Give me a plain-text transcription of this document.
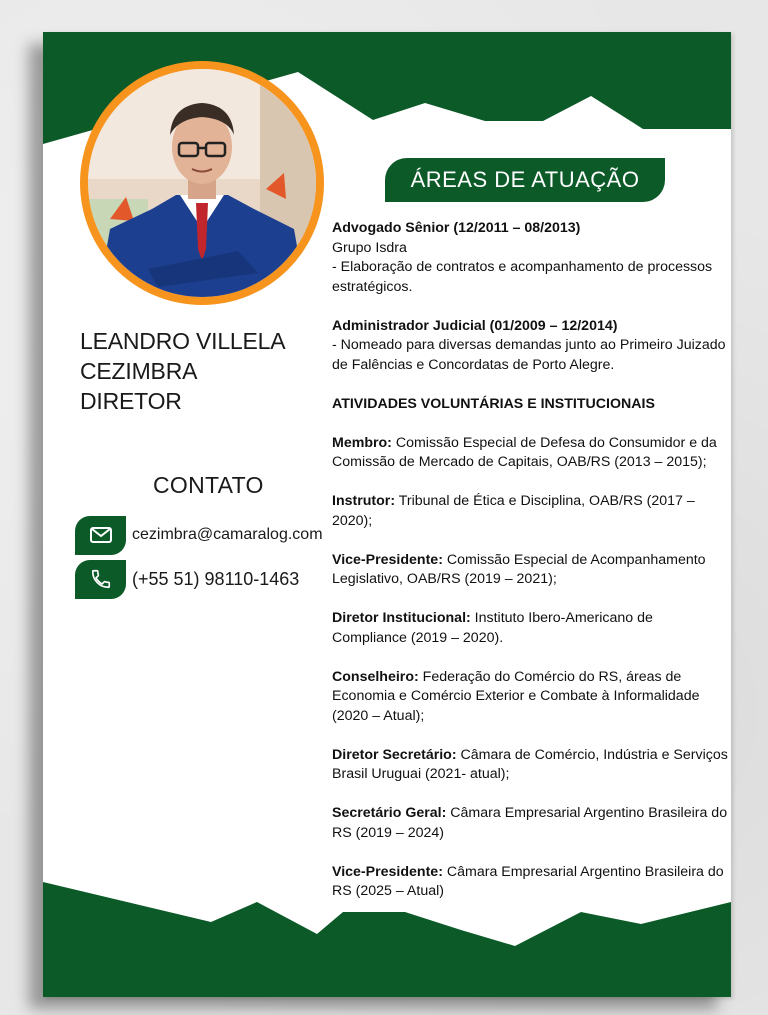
LEANDRO VILLELA
CEZIMBRA
DIRETOR
CONTATO
cezimbra@camaralog.com
(+55 51) 98110-1463
ÁREAS DE ATUAÇÃO
Advogado Sênior (12/2011 – 08/2013)

Grupo Isdra

- Elaboração de contratos e acompanhamento de processos estratégicos.

Administrador Judicial (01/2009 – 12/2014)

- Nomeado para diversas demandas junto ao Primeiro Juizado de Falências e Concordatas de Porto Alegre.

ATIVIDADES VOLUNTÁRIAS E INSTITUCIONAIS
Membro: Comissão Especial de Defesa do Consumidor e da Comissão de Mercado de Capitais, OAB/RS (2013 – 2015);
Instrutor: Tribunal de Ética e Disciplina, OAB/RS (2017 – 2020);
Vice-Presidente: Comissão Especial de Acompanhamento Legislativo, OAB/RS (2019 – 2021);
Diretor Institucional: Instituto Ibero-Americano de Compliance (2019 – 2020).
Conselheiro: Federação do Comércio do RS, áreas de Economia e Comércio Exterior e Combate à Informalidade (2020 – Atual);
Diretor Secretário: Câmara de Comércio, Indústria e Serviços Brasil Uruguai (2021- atual);
Secretário Geral: Câmara Empresarial Argentino Brasileira do RS (2019 – 2024)
Vice-Presidente: Câmara Empresarial Argentino Brasileira do RS (2025 – Atual)
